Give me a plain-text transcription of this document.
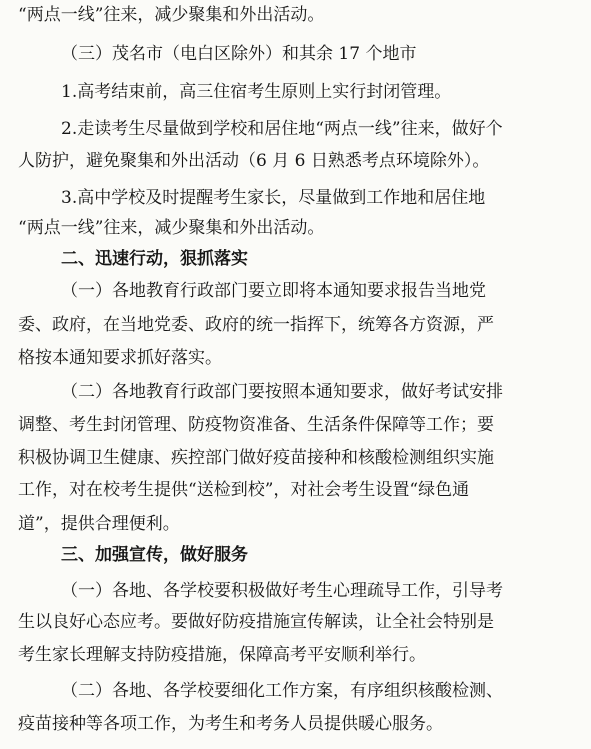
“两点一线”往来，减少聚集和外出活动。
（三）茂名市（电白区除外）和其余 17 个地市
1.高考结束前，高三住宿考生原则上实行封闭管理。
2.走读考生尽量做到学校和居住地“两点一线”往来，做好个
人防护，避免聚集和外出活动（6 月 6 日熟悉考点环境除外）。
3.高中学校及时提醒考生家长，尽量做到工作地和居住地
“两点一线”往来，减少聚集和外出活动。
二、迅速行动，狠抓落实
（一）各地教育行政部门要立即将本通知要求报告当地党
委、政府，在当地党委、政府的统一指挥下，统筹各方资源，严
格按本通知要求抓好落实。
（二）各地教育行政部门要按照本通知要求，做好考试安排
调整、考生封闭管理、防疫物资准备、生活条件保障等工作；要
积极协调卫生健康、疾控部门做好疫苗接种和核酸检测组织实施
工作，对在校考生提供“送检到校”，对社会考生设置“绿色通
道”，提供合理便利。
三、加强宣传，做好服务
（一）各地、各学校要积极做好考生心理疏导工作，引导考
生以良好心态应考。要做好防疫措施宣传解读，让全社会特别是
考生家长理解支持防疫措施，保障高考平安顺利举行。
（二）各地、各学校要细化工作方案，有序组织核酸检测、
疫苗接种等各项工作，为考生和考务人员提供暖心服务。
